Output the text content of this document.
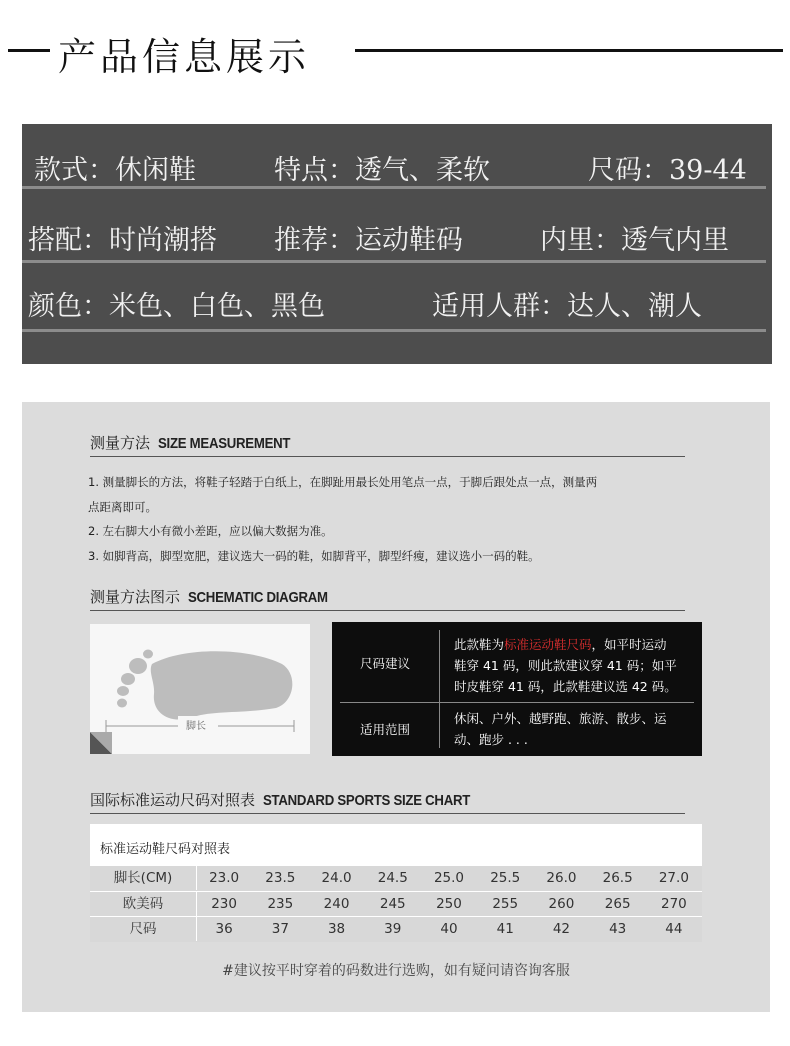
产品信息展示
款式：休闲鞋	特点：透气、柔软	尺码：39-44
搭配：时尚潮搭 推荐：运动鞋码	内里：透气内里
颜色：米色、白色、黑色	适用人群：达人、潮人
测量方法 SIZE MEASUREMENT
1. 测量脚长的方法，将鞋子轻踏于白纸上，在脚趾用最长处用笔点一点，于脚后跟处点一点，测量两
点距离即可。
2. 左右脚大小有微小差距，应以偏大数据为准。
3. 如脚背高，脚型宽肥，建议选大一码的鞋，如脚背平，脚型纤瘦，建议选小一码的鞋。
测量方法图示 SCHEMATIC DIAGRAM
脚长
尺码建议
此款鞋为标准运动鞋尺码，如平时运动
鞋穿 41 码，则此款建议穿 41 码；如平
时皮鞋穿 41 码，此款鞋建议选 42 码。
适用范围
休闲、户外、越野跑、旅游、散步、运
动、跑步 . . .
国际标准运动尺码对照表 STANDARD SPORTS SIZE CHART
标准运动鞋尺码对照表
脚长(CM)	23.0	23.5	24.0	24.5	25.0	25.5	26.0	26.5	27.0
欧美码	230	235	240	245	250	255	260	265	270
尺码	36	37	38	39	40	41	42	43	44
#建议按平时穿着的码数进行选购，如有疑问请咨询客服
